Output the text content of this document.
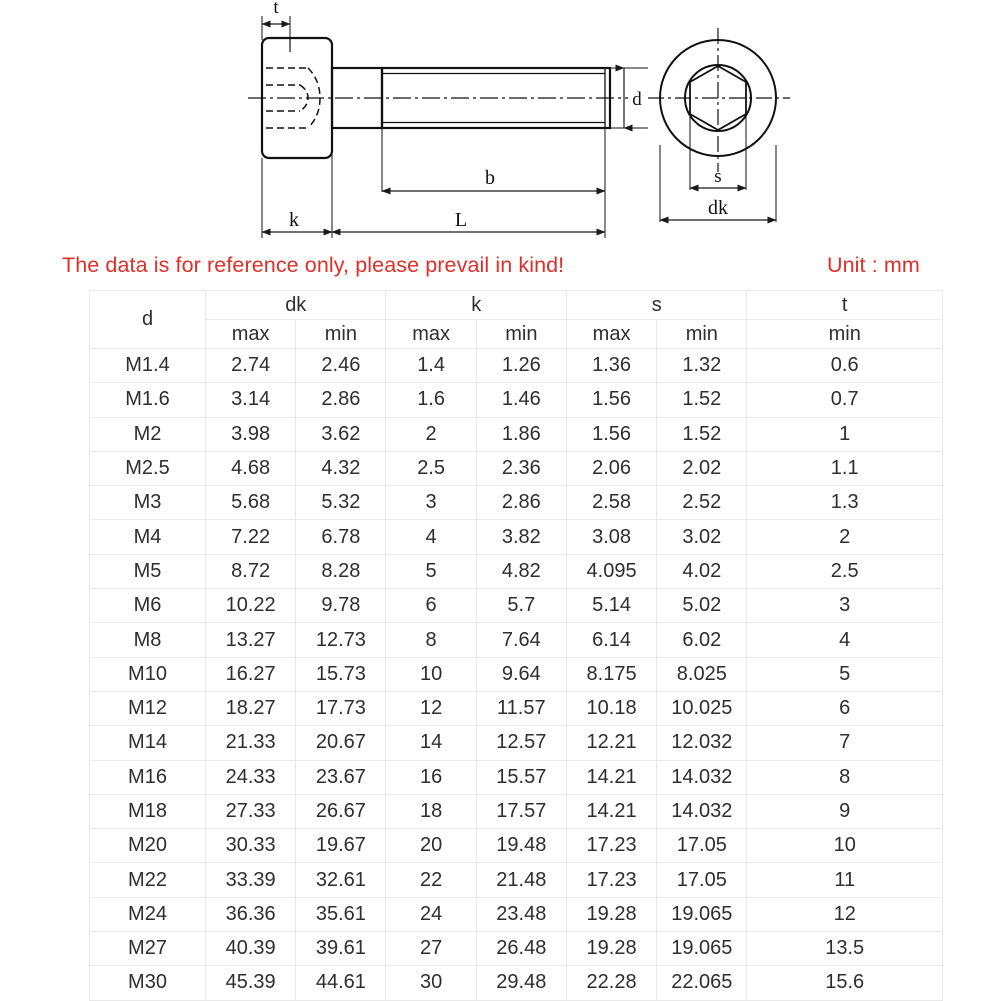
t
d
b
k	L
s
dk
The data is for reference only, please prevail in kind!	Unit : mm
d	dk		k		s		t
	max	min	max	min	max	min	min
M1.4	2.74	2.46	1.4	1.26	1.36	1.32	0.6
M1.6	3.14	2.86	1.6	1.46	1.56	1.52	0.7
M2	3.98	3.62	2	1.86	1.56	1.52	1
M2.5	4.68	4.32	2.5	2.36	2.06	2.02	1.1
M3	5.68	5.32	3	2.86	2.58	2.52	1.3
M4	7.22	6.78	4	3.82	3.08	3.02	2
M5	8.72	8.28	5	4.82	4.095	4.02	2.5
M6	10.22	9.78	6	5.7	5.14	5.02	3
M8	13.27	12.73	8	7.64	6.14	6.02	4
M10	16.27	15.73	10	9.64	8.175	8.025	5
M12	18.27	17.73	12	11.57	10.18	10.025	6
M14	21.33	20.67	14	12.57	12.21	12.032	7
M16	24.33	23.67	16	15.57	14.21	14.032	8
M18	27.33	26.67	18	17.57	14.21	14.032	9
M20	30.33	19.67	20	19.48	17.23	17.05	10
M22	33.39	32.61	22	21.48	17.23	17.05	11
M24	36.36	35.61	24	23.48	19.28	19.065	12
M27	40.39	39.61	27	26.48	19.28	19.065	13.5
M30	45.39	44.61	30	29.48	22.28	22.065	15.6
